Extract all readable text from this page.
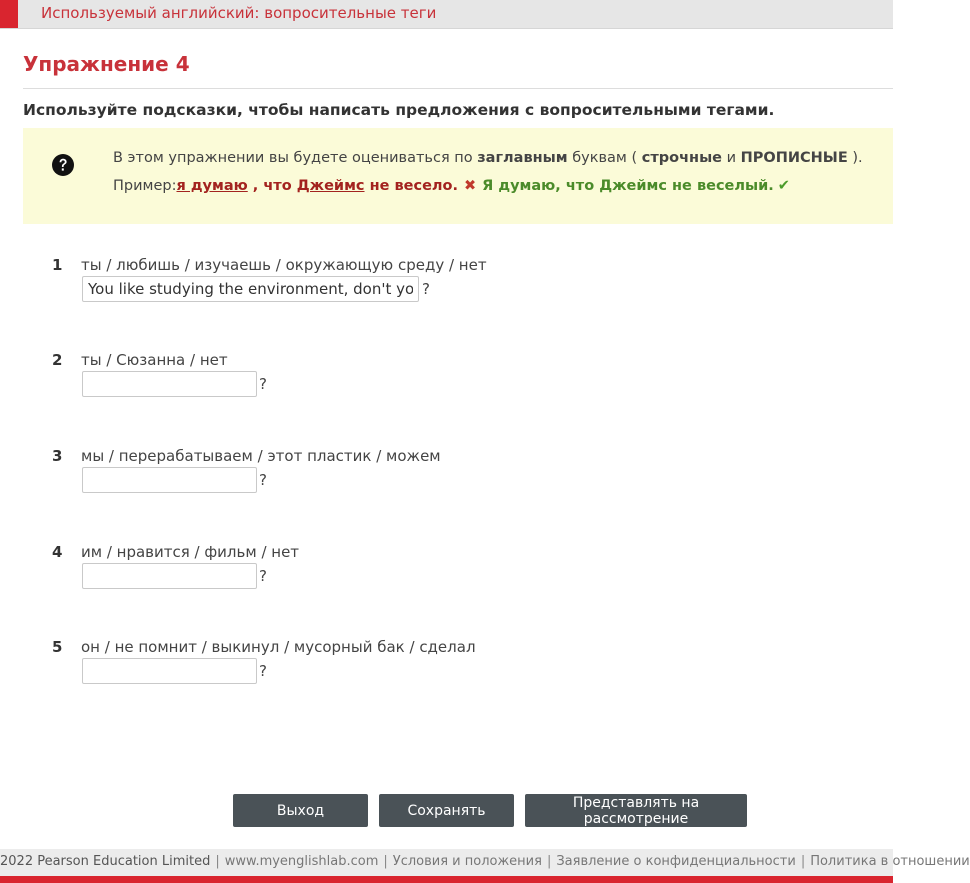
Используемый английский: вопросительные теги
Упражнение 4
Используйте подсказки, чтобы написать предложения с вопросительными тегами.
В этом упражнении вы будете оцениваться по заглавным буквам ( строчные и ПРОПИСНЫЕ ).
Пример:я думаю , что Джеймс не весело. ✖ Я думаю, что Джеймс не веселый. ✔
1 ты / любишь / изучаешь / окружающую среду / нет
You like studying the environment, don't you
?
2 ты / Сюзанна / нет
?
3 мы / перерабатываем / этот пластик / можем
?
4 им / нравится / фильм / нет
?
5 он / не помнит / выкинул / мусорный бак / сделал
?
Выход	Сохранять	Представлять на рассмотрение
2022 Pearson Education Limited | www.myenglishlab.com | Условия и положения | Заявление о конфиденциальности | Политика в отношении
